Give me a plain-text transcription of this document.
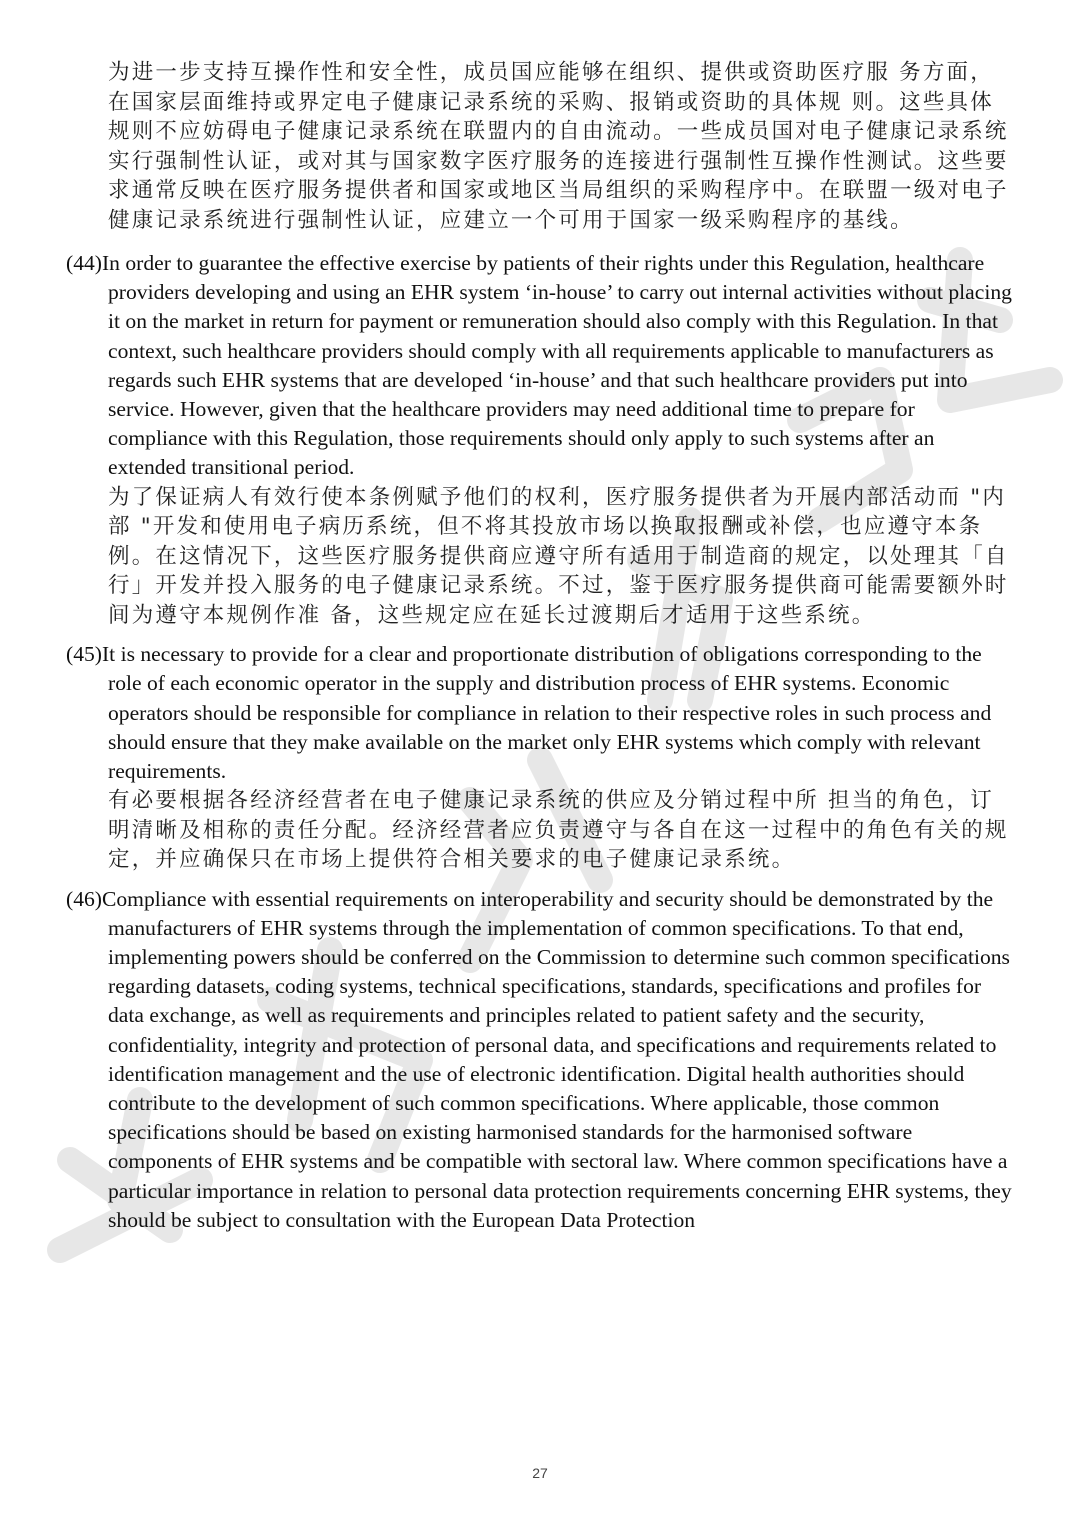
为进一步支持互操作性和安全性，成员国应能够在组织、提供或资助医疗服 务方面，在国家层面维持或界定电子健康记录系统的采购、报销或资助的具体规 则。这些具体规则不应妨碍电子健康记录系统在联盟内的自由流动。一些成员国对电子健康记录系统实行强制性认证，或对其与国家数字医疗服务的连接进行强制性互操作性测试。这些要求通常反映在医疗服务提供者和国家或地区当局组织的采购程序中。在联盟一级对电子健康记录系统进行强制性认证，应建立一个可用于国家一级采购程序的基线。

(44)In order to guarantee the effective exercise by patients of their rights under this Regulation, healthcare providers developing and using an EHR system ‘in-house’ to carry out internal activities without placing it on the market in return for payment or remuneration should also comply with this Regulation. In that context, such healthcare providers should comply with all requirements applicable to manufacturers as regards such EHR systems that are developed ‘in-house’ and that such healthcare providers put into service. However, given that the healthcare providers may need additional time to prepare for compliance with this Regulation, those requirements should only apply to such systems after an extended transitional period.

为了保证病人有效行使本条例赋予他们的权利，医疗服务提供者为开展内部活动而 "内部 "开发和使用电子病历系统，但不将其投放市场以换取报酬或补偿，也应遵守本条例。在这情况下，这些医疗服务提供商应遵守所有适用于制造商的规定，以处理其「自 行」开发并投入服务的电子健康记录系统。不过，鉴于医疗服务提供商可能需要额外时间为遵守本规例作准 备，这些规定应在延长过渡期后才适用于这些系统。

(45)It is necessary to provide for a clear and proportionate distribution of obligations corresponding to the role of each economic operator in the supply and distribution process of EHR systems. Economic operators should be responsible for compliance in relation to their respective roles in such process and should ensure that they make available on the market only EHR systems which comply with relevant requirements.

有必要根据各经济经营者在电子健康记录系统的供应及分销过程中所 担当的角色，订明清晰及相称的责任分配。经济经营者应负责遵守与各自在这一过程中的角色有关的规定，并应确保只在市场上提供符合相关要求的电子健康记录系统。

(46)Compliance with essential requirements on interoperability and security should be demonstrated by the manufacturers of EHR systems through the implementation of common specifications. To that end, implementing powers should be conferred on the Commission to determine such common specifications regarding datasets, coding systems, technical specifications, standards, specifications and profiles for data exchange, as well as requirements and principles related to patient safety and the security, confidentiality, integrity and protection of personal data, and specifications and requirements related to identification management and the use of electronic identification. Digital health authorities should contribute to the development of such common specifications. Where applicable, those common specifications should be based on existing harmonised standards for the harmonised software components of EHR systems and be compatible with sectoral law. Where common specifications have a particular importance in relation to personal data protection requirements concerning EHR systems, they should be subject to consultation with the European Data Protection

27
